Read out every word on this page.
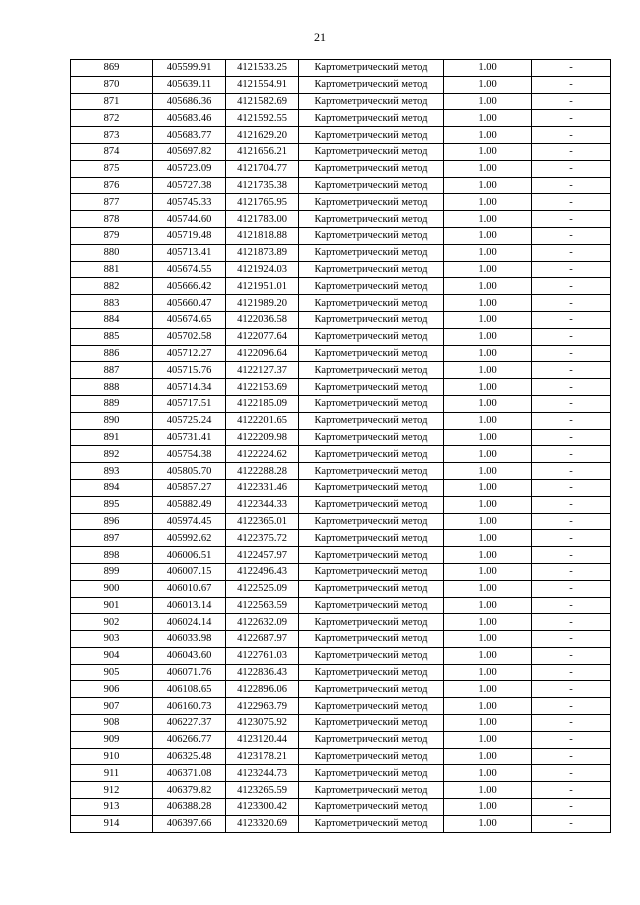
21
869	405599.91	4121533.25	Картометрический метод	1.00	-
870	405639.11	4121554.91	Картометрический метод	1.00	-
871	405686.36	4121582.69	Картометрический метод	1.00	-
872	405683.46	4121592.55	Картометрический метод	1.00	-
873	405683.77	4121629.20	Картометрический метод	1.00	-
874	405697.82	4121656.21	Картометрический метод	1.00	-
875	405723.09	4121704.77	Картометрический метод	1.00	-
876	405727.38	4121735.38	Картометрический метод	1.00	-
877	405745.33	4121765.95	Картометрический метод	1.00	-
878	405744.60	4121783.00	Картометрический метод	1.00	-
879	405719.48	4121818.88	Картометрический метод	1.00	-
880	405713.41	4121873.89	Картометрический метод	1.00	-
881	405674.55	4121924.03	Картометрический метод	1.00	-
882	405666.42	4121951.01	Картометрический метод	1.00	-
883	405660.47	4121989.20	Картометрический метод	1.00	-
884	405674.65	4122036.58	Картометрический метод	1.00	-
885	405702.58	4122077.64	Картометрический метод	1.00	-
886	405712.27	4122096.64	Картометрический метод	1.00	-
887	405715.76	4122127.37	Картометрический метод	1.00	-
888	405714.34	4122153.69	Картометрический метод	1.00	-
889	405717.51	4122185.09	Картометрический метод	1.00	-
890	405725.24	4122201.65	Картометрический метод	1.00	-
891	405731.41	4122209.98	Картометрический метод	1.00	-
892	405754.38	4122224.62	Картометрический метод	1.00	-
893	405805.70	4122288.28	Картометрический метод	1.00	-
894	405857.27	4122331.46	Картометрический метод	1.00	-
895	405882.49	4122344.33	Картометрический метод	1.00	-
896	405974.45	4122365.01	Картометрический метод	1.00	-
897	405992.62	4122375.72	Картометрический метод	1.00	-
898	406006.51	4122457.97	Картометрический метод	1.00	-
899	406007.15	4122496.43	Картометрический метод	1.00	-
900	406010.67	4122525.09	Картометрический метод	1.00	-
901	406013.14	4122563.59	Картометрический метод	1.00	-
902	406024.14	4122632.09	Картометрический метод	1.00	-
903	406033.98	4122687.97	Картометрический метод	1.00	-
904	406043.60	4122761.03	Картометрический метод	1.00	-
905	406071.76	4122836.43	Картометрический метод	1.00	-
906	406108.65	4122896.06	Картометрический метод	1.00	-
907	406160.73	4122963.79	Картометрический метод	1.00	-
908	406227.37	4123075.92	Картометрический метод	1.00	-
909	406266.77	4123120.44	Картометрический метод	1.00	-
910	406325.48	4123178.21	Картометрический метод	1.00	-
911	406371.08	4123244.73	Картометрический метод	1.00	-
912	406379.82	4123265.59	Картометрический метод	1.00	-
913	406388.28	4123300.42	Картометрический метод	1.00	-
914	406397.66	4123320.69	Картометрический метод	1.00	-
